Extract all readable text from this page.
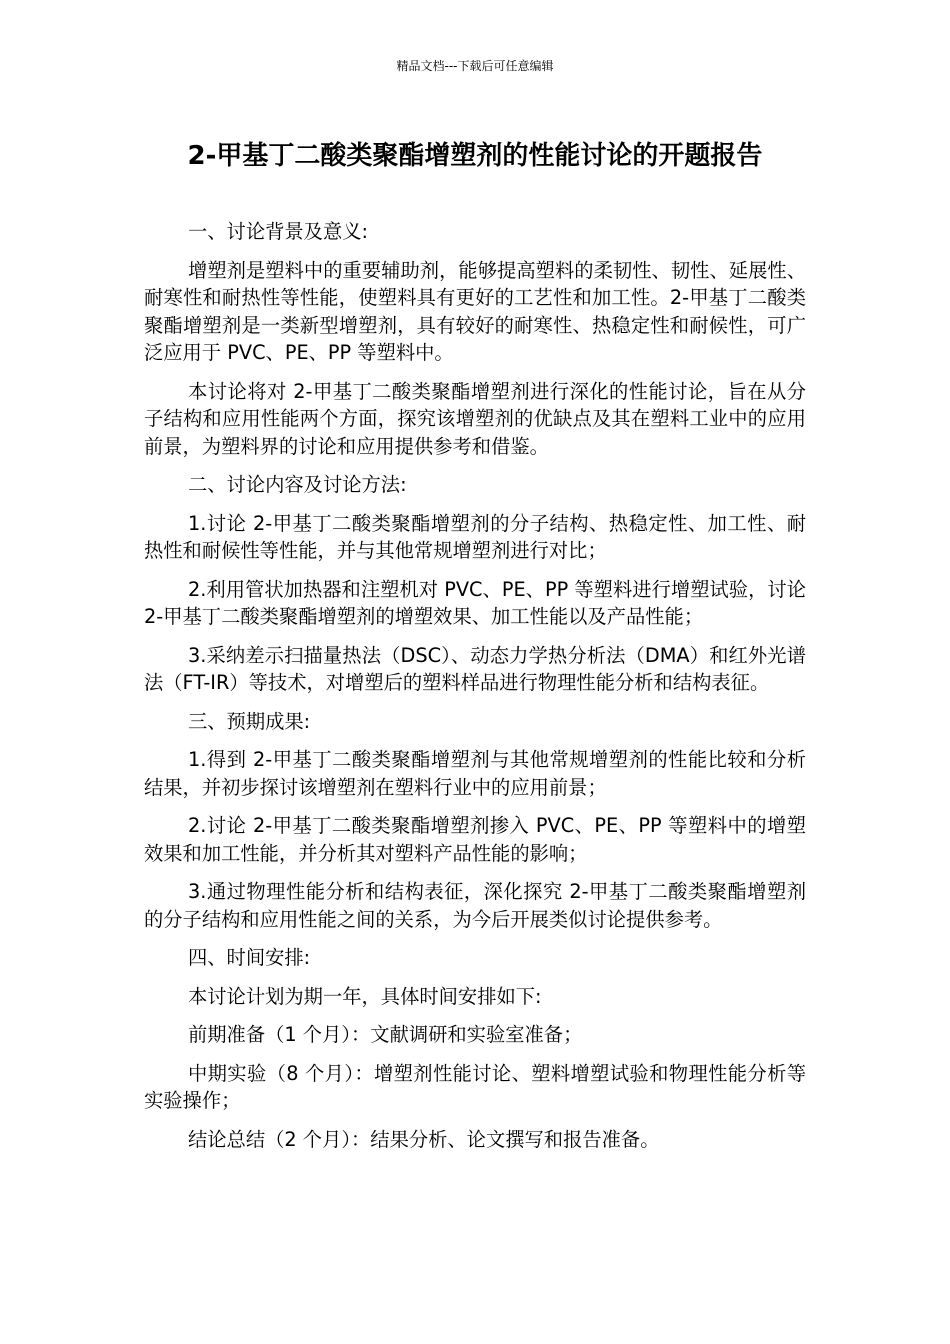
精品文档---下载后可任意编辑
2-甲基丁二酸类聚酯增塑剂的性能讨论的开题报告

一、讨论背景及意义:

增塑剂是塑料中的重要辅助剂，能够提高塑料的柔韧性、韧性、延展性、耐寒性和耐热性等性能，使塑料具有更好的工艺性和加工性。2-甲基丁二酸类聚酯增塑剂是一类新型增塑剂，具有较好的耐寒性、热稳定性和耐候性，可广泛应用于 PVC、PE、PP 等塑料中。

本讨论将对 2-甲基丁二酸类聚酯增塑剂进行深化的性能讨论，旨在从分子结构和应用性能两个方面，探究该增塑剂的优缺点及其在塑料工业中的应用前景，为塑料界的讨论和应用提供参考和借鉴。

二、讨论内容及讨论方法:

1.讨论 2-甲基丁二酸类聚酯增塑剂的分子结构、热稳定性、加工性、耐热性和耐候性等性能，并与其他常规增塑剂进行对比；

2.利用管状加热器和注塑机对 PVC、PE、PP 等塑料进行增塑试验，讨论 2-甲基丁二酸类聚酯增塑剂的增塑效果、加工性能以及产品性能；

3.采纳差示扫描量热法（DSC）、动态力学热分析法（DMA）和红外光谱法（FT-IR）等技术，对增塑后的塑料样品进行物理性能分析和结构表征。

三、预期成果:

1.得到 2-甲基丁二酸类聚酯增塑剂与其他常规增塑剂的性能比较和分析结果，并初步探讨该增塑剂在塑料行业中的应用前景；

2.讨论 2-甲基丁二酸类聚酯增塑剂掺入 PVC、PE、PP 等塑料中的增塑效果和加工性能，并分析其对塑料产品性能的影响；

3.通过物理性能分析和结构表征，深化探究 2-甲基丁二酸类聚酯增塑剂的分子结构和应用性能之间的关系，为今后开展类似讨论提供参考。

四、时间安排:

本讨论计划为期一年，具体时间安排如下:

前期准备（1 个月）：文献调研和实验室准备；

中期实验（8 个月）：增塑剂性能讨论、塑料增塑试验和物理性能分析等实验操作；

结论总结（2 个月）：结果分析、论文撰写和报告准备。
